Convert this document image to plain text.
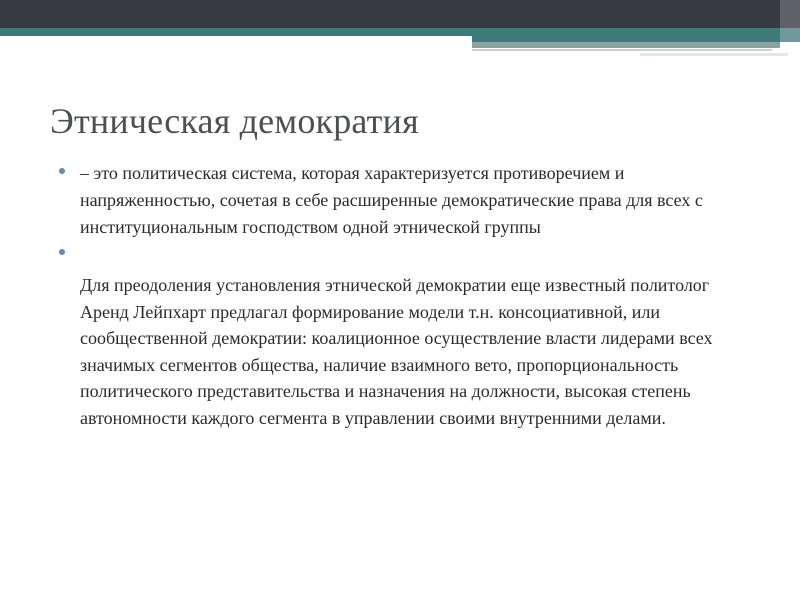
Этническая демократия
– это политическая система, которая характеризуется противоречием и напряженностью, сочетая в себе расширенные демократические права для всех с институциональным господством одной этнической группы
Для преодоления установления этнической демократии еще известный политолог Аренд Лейпхарт предлагал формирование модели т.н. консоциативной, или сообщественной демократии: коалиционное осуществление власти лидерами всех значимых сегментов общества, наличие взаимного вето, пропорциональность политического представительства и назначения на должности, высокая степень автономности каждого сегмента в управлении своими внутренними делами.
